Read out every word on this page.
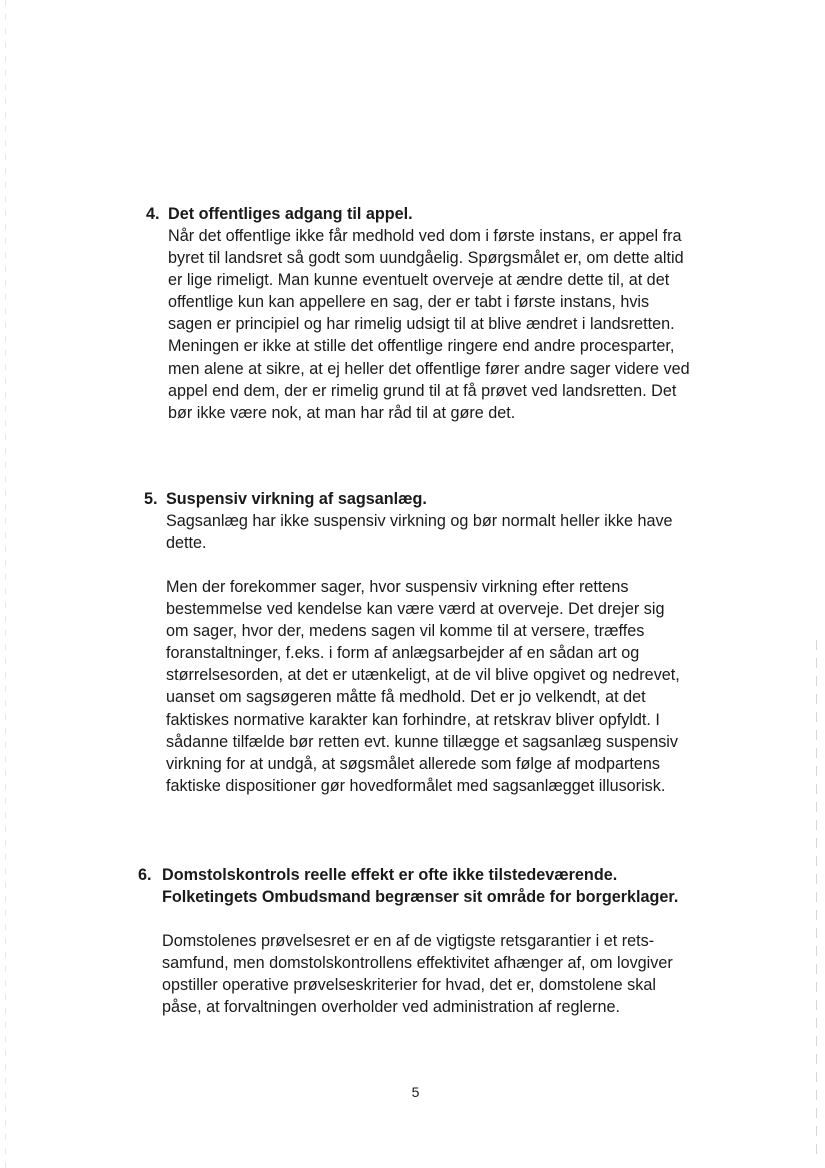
4. Det offentliges adgang til appel.
Når det offentlige ikke får medhold ved dom i første instans, er appel fra
byret til landsret så godt som uundgåelig. Spørgsmålet er, om dette altid
er lige rimeligt. Man kunne eventuelt overveje at ændre dette til, at det
offentlige kun kan appellere en sag, der er tabt i første instans, hvis
sagen er principiel og har rimelig udsigt til at blive ændret i landsretten.
Meningen er ikke at stille det offentlige ringere end andre procesparter,
men alene at sikre, at ej heller det offentlige fører andre sager videre ved
appel end dem, der er rimelig grund til at få prøvet ved landsretten. Det
bør ikke være nok, at man har råd til at gøre det.
5. Suspensiv virkning af sagsanlæg.
Sagsanlæg har ikke suspensiv virkning og bør normalt heller ikke have
dette.
Men der forekommer sager, hvor suspensiv virkning efter rettens
bestemmelse ved kendelse kan være værd at overveje. Det drejer sig
om sager, hvor der, medens sagen vil komme til at versere, træffes
foranstaltninger, f.eks. i form af anlægsarbejder af en sådan art og
størrelsesorden, at det er utænkeligt, at de vil blive opgivet og nedrevet,
uanset om sagsøgeren måtte få medhold. Det er jo velkendt, at det
faktiskes normative karakter kan forhindre, at retskrav bliver opfyldt. I
sådanne tilfælde bør retten evt. kunne tillægge et sagsanlæg suspensiv
virkning for at undgå, at søgsmålet allerede som følge af modpartens
faktiske dispositioner gør hovedformålet med sagsanlægget illusorisk.
6. Domstolskontrols reelle effekt er ofte ikke tilstedeværende.
Folketingets Ombudsmand begrænser sit område for borgerklager.
Domstolenes prøvelsesret er en af de vigtigste retsgarantier i et rets-
samfund, men domstolskontrollens effektivitet afhænger af, om lovgiver
opstiller operative prøvelseskriterier for hvad, det er, domstolene skal
påse, at forvaltningen overholder ved administration af reglerne.
5
